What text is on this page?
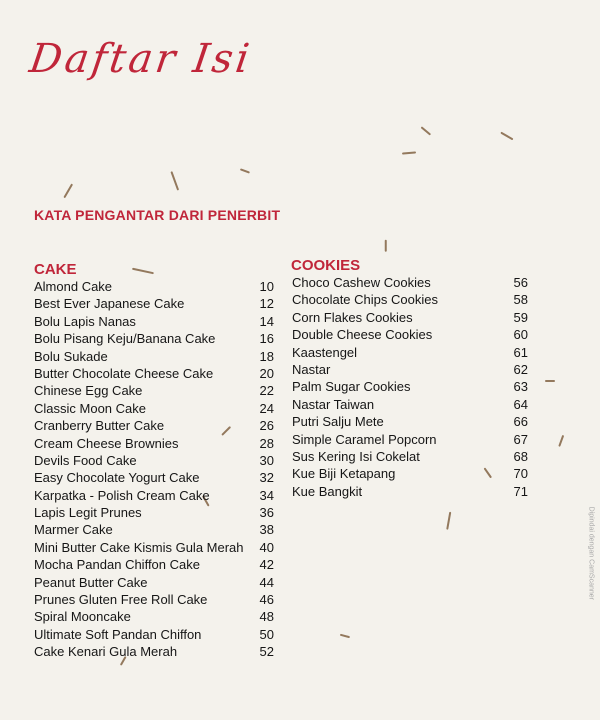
Daftar Isi
KATA PENGANTAR DARI PENERBIT
CAKE	COOKIES
Almond Cake	10
Best Ever Japanese Cake	12
Bolu Lapis Nanas	14
Bolu Pisang Keju/Banana Cake	16
Bolu Sukade	18
Butter Chocolate Cheese Cake	20
Chinese Egg Cake	22
Classic Moon Cake	24
Cranberry Butter Cake	26
Cream Cheese Brownies	28
Devils Food Cake	30
Easy Chocolate Yogurt Cake	32
Karpatka - Polish Cream Cake	34
Lapis Legit Prunes	36
Marmer Cake	38
Mini Butter Cake Kismis Gula Merah 40
Mocha Pandan Chiffon Cake	42
Peanut Butter Cake	44
Prunes Gluten Free Roll Cake	46
Spiral Mooncake	48
Ultimate Soft Pandan Chiffon	50
Cake Kenari Gula Merah	52
Choco Cashew Cookies	56
Chocolate Chips Cookies	58
Corn Flakes Cookies	59
Double Cheese Cookies	60
Kaastengel	61
Nastar	62
Palm Sugar Cookies	63
Nastar Taiwan	64
Putri Salju Mete	66
Simple Caramel Popcorn	67
Sus Kering Isi Cokelat	68
Kue Biji Ketapang	70
Kue Bangkit	71
Dipindai dengan CamScanner
